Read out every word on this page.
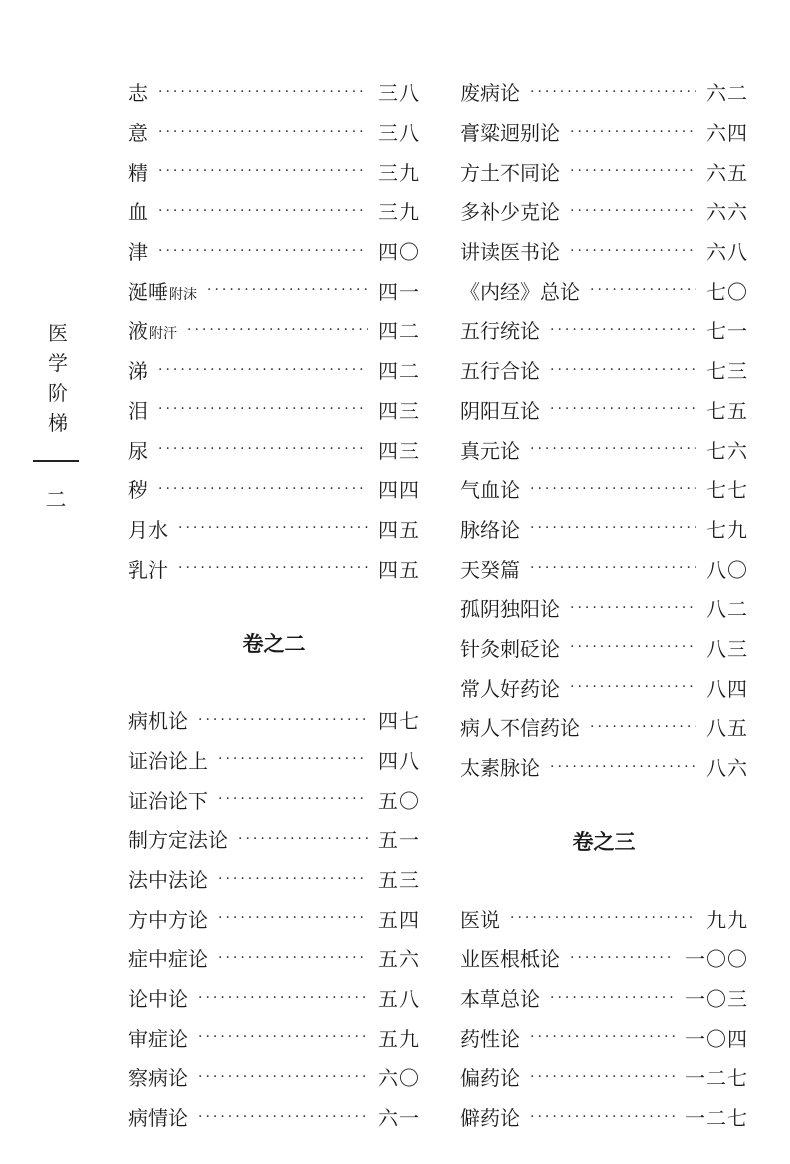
医
学
阶
梯
二
志 ·····	三八
意 ·····	三八
精 ·····	三九
血 ·····	三九
津 ·····	四〇
涎唾附沫 ·····	四一
液附汗 ·····	四二
涕 ·····	四二
泪 ·····	四三
尿 ·····	四三
秽 ·····	四四
月水 ·····	四五
乳汁 ·····	四五
卷之二
病机论 ·····	四七
证治论上 ·····	四八
证治论下 ·····	五〇
制方定法论 ·····	五一
法中法论 ·····	五三
方中方论 ·····	五四
症中症论 ·····	五六
论中论 ·····	五八
审症论 ·····	五九
察病论 ·····	六〇
病情论 ·····	六一
废病论 ·····	六二
膏粱迥别论 ·····	六四
方土不同论 ·····	六五
多补少克论 ·····	六六
讲读医书论 ·····	六八
《内经》总论 ·····	七〇
五行统论 ·····	七一
五行合论 ·····	七三
阴阳互论 ·····	七五
真元论 ·····	七六
气血论 ·····	七七
脉络论 ·····	七九
天癸篇 ·····	八〇
孤阴独阳论 ·····	八二
针灸刺砭论 ·····	八三
常人好药论 ·····	八四
病人不信药论 ·····	八五
太素脉论 ·····	八六
卷之三
医说 ·····	九九
业医根柢论 ·····	一〇〇
本草总论 ·····	一〇三
药性论 ·····	一〇四
偏药论 ·····	一二七
僻药论 ·····	一二七
